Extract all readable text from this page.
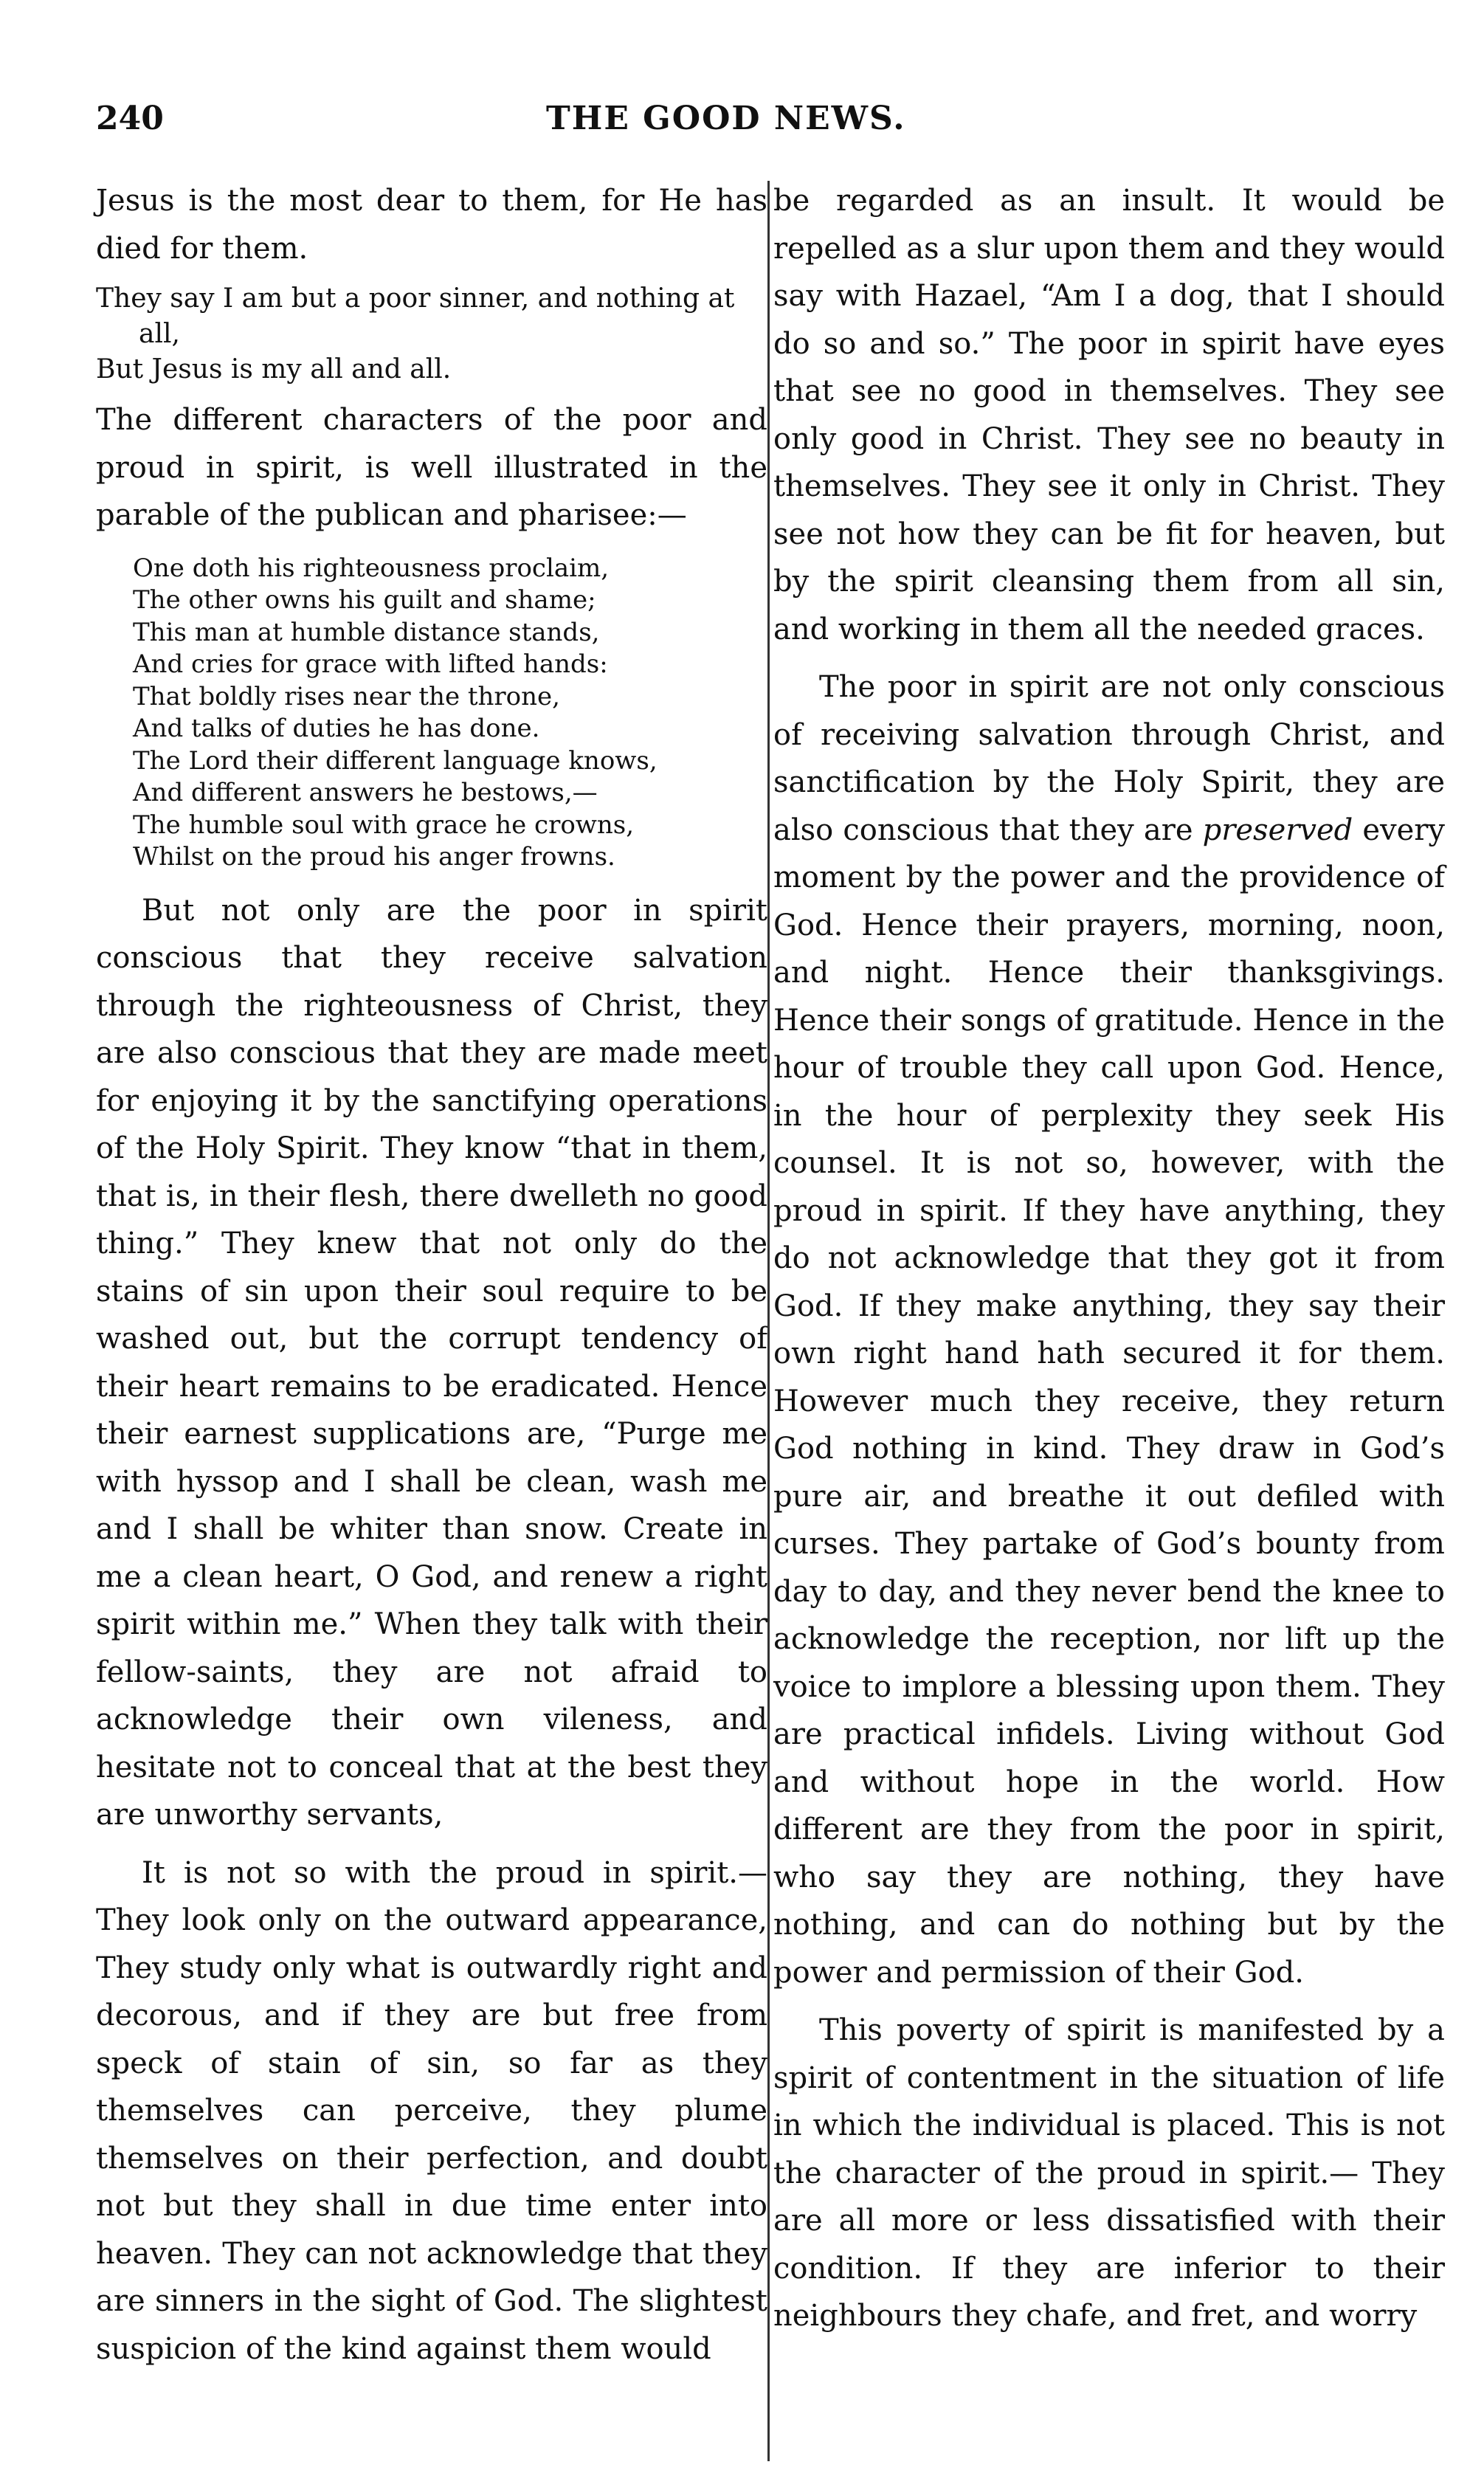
240	THE GOOD NEWS.

Jesus is the most dear to them, for He has died for them.

They say I am but a poor sinner, and nothing at all,
But Jesus is my all and all.

The different characters of the poor and proud in spirit, is well illustrated in the parable of the publican and pharisee:—

One doth his righteousness proclaim,
The other owns his guilt and shame;
This man at humble distance stands,
And cries for grace with lifted hands:
That boldly rises near the throne,
And talks of duties he has done.
The Lord their different language knows,
And different answers he bestows,—
The humble soul with grace he crowns,
Whilst on the proud his anger frowns.

But not only are the poor in spirit conscious that they receive salvation through the righteousness of Christ, they are also conscious that they are made meet for enjoying it by the sanctifying operations of the Holy Spirit. They know “that in them, that is, in their flesh, there dwelleth no good thing.” They knew that not only do the stains of sin upon their soul require to be washed out, but the corrupt tendency of their heart remains to be eradicated. Hence their earnest supplications are, “Purge me with hyssop and I shall be clean, wash me and I shall be whiter than snow. Create in me a clean heart, O God, and renew a right spirit within me.” When they talk with their fellow-saints, they are not afraid to acknowledge their own vileness, and hesitate not to conceal that at the best they are unworthy servants,

It is not so with the proud in spirit.— They look only on the outward appearance, They study only what is outwardly right and decorous, and if they are but free from speck of stain of sin, so far as they themselves can perceive, they plume themselves on their perfection, and doubt not but they shall in due time enter into heaven. They can not acknowledge that they are sinners in the sight of God. The slightest suspicion of the kind against them would

be regarded as an insult. It would be repelled as a slur upon them and they would say with Hazael, “Am I a dog, that I should do so and so.” The poor in spirit have eyes that see no good in themselves. They see only good in Christ. They see no beauty in themselves. They see it only in Christ. They see not how they can be fit for heaven, but by the spirit cleansing them from all sin, and working in them all the needed graces.

The poor in spirit are not only conscious of receiving salvation through Christ, and sanctification by the Holy Spirit, they are also conscious that they are preserved every moment by the power and the providence of God. Hence their prayers, morning, noon, and night. Hence their thanksgivings. Hence their songs of gratitude. Hence in the hour of trouble they call upon God. Hence, in the hour of perplexity they seek His counsel. It is not so, however, with the proud in spirit. If they have anything, they do not acknowledge that they got it from God. If they make anything, they say their own right hand hath secured it for them. However much they receive, they return God nothing in kind. They draw in God’s pure air, and breathe it out defiled with curses. They partake of God’s bounty from day to day, and they never bend the knee to acknowledge the reception, nor lift up the voice to implore a blessing upon them. They are practical infidels. Living without God and without hope in the world. How different are they from the poor in spirit, who say they are nothing, they have nothing, and can do nothing but by the power and permission of their God.

This poverty of spirit is manifested by a spirit of contentment in the situation of life in which the individual is placed. This is not the character of the proud in spirit.— They are all more or less dissatisfied with their condition. If they are inferior to their neighbours they chafe, and fret, and worry
